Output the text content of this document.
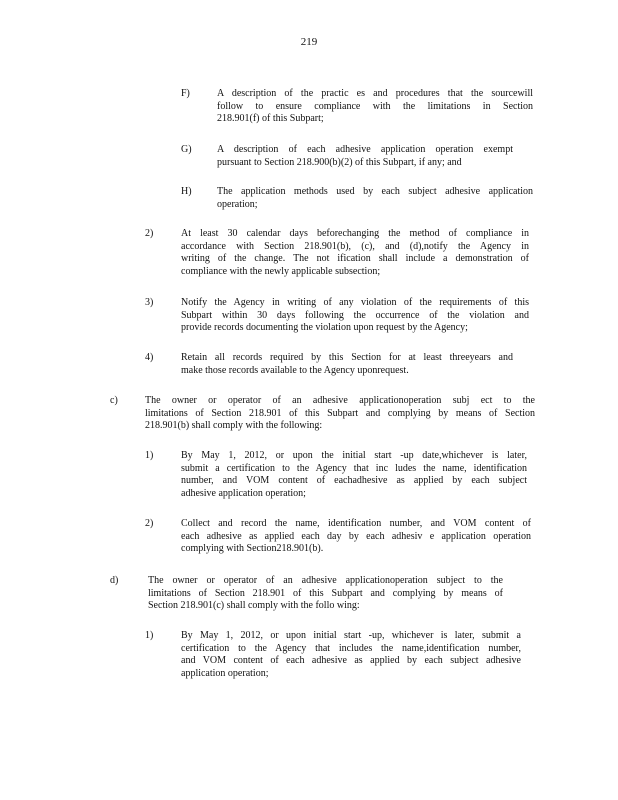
219
F)	A description of the practic es and procedures that the sourcewill
follow to ensure compliance with the limitations in Section
218.901(f) of this Subpart;
G)	A description of each adhesive application operation exempt
pursuant to Section 218.900(b)(2) of this Subpart, if any; and
H)	The application methods used by each subject adhesive application
operation;
2)	At least 30 calendar days beforechanging the method of compliance in
accordance with Section 218.901(b), (c), and (d),notify the Agency in
writing of the change. The not ification shall include a demonstration of
compliance with the newly applicable subsection;
3)	Notify the Agency in writing of any violation of the requirements of this
Subpart within 30 days following the occurrence of the violation and
provide records documenting the violation upon request by the Agency;
4)	Retain all records required by this Section for at least threeyears and
make those records available to the Agency uponrequest.
c)	The owner or operator of an adhesive applicationoperation subj ect to the
limitations of Section 218.901 of this Subpart and complying by means of Section
218.901(b) shall comply with the following:
1)	By May 1, 2012, or upon the initial start -up date,whichever is later,
submit a certification to the Agency that inc ludes the name, identification
number, and VOM content of eachadhesive as applied by each subject
adhesive application operation;
2)	Collect and record the name, identification number, and VOM content of
each adhesive as applied each day by each adhesiv e application operation
complying with Section218.901(b).
d)	The owner or operator of an adhesive applicationoperation subject to the
limitations of Section 218.901 of this Subpart and complying by means of
Section 218.901(c) shall comply with the follo wing:
1)	By May 1, 2012, or upon initial start -up, whichever is later, submit a
certification to the Agency that includes the name,identification number,
and VOM content of each adhesive as applied by each subject adhesive
application operation;
